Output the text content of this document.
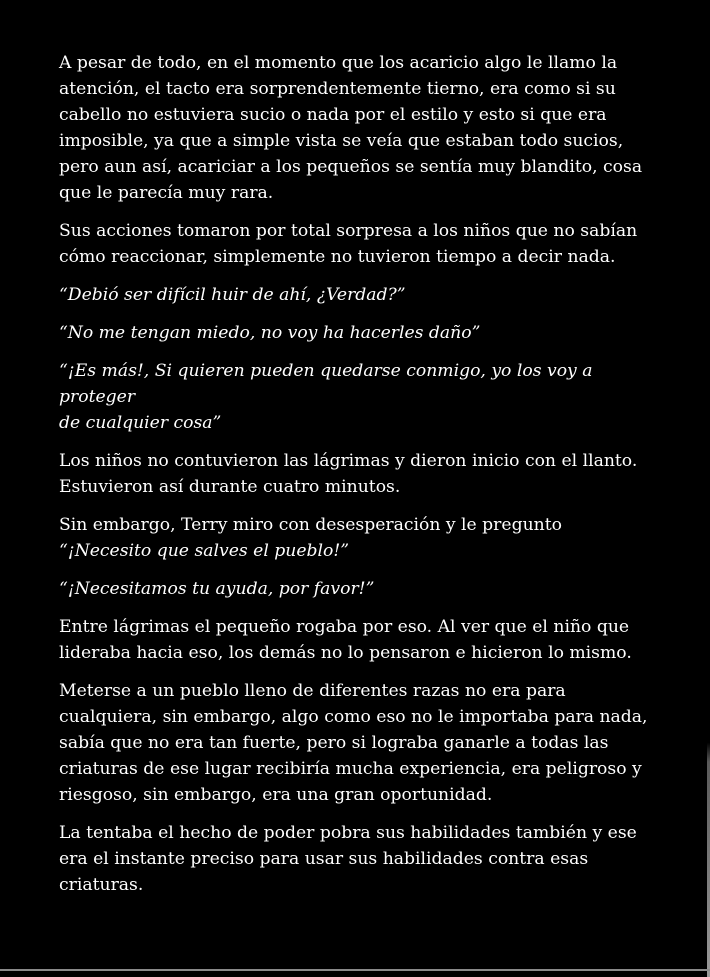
A pesar de todo, en el momento que los acaricio algo le llamo la
atención, el tacto era sorprendentemente tierno, era como si su
cabello no estuviera sucio o nada por el estilo y esto si que era
imposible, ya que a simple vista se veía que estaban todo sucios,
pero aun así, acariciar a los pequeños se sentía muy blandito, cosa
que le parecía muy rara.

Sus acciones tomaron por total sorpresa a los niños que no sabían
cómo reaccionar, simplemente no tuvieron tiempo a decir nada.

“Debió ser difícil huir de ahí, ¿Verdad?”

“No me tengan miedo, no voy ha hacerles daño”

“¡Es más!, Si quieren pueden quedarse conmigo, yo los voy a proteger
de cualquier cosa”

Los niños no contuvieron las lágrimas y dieron inicio con el llanto.
Estuvieron así durante cuatro minutos.

Sin embargo, Terry miro con desesperación y le pregunto
“¡Necesito que salves el pueblo!”

“¡Necesitamos tu ayuda, por favor!”

Entre lágrimas el pequeño rogaba por eso. Al ver que el niño que
lideraba hacia eso, los demás no lo pensaron e hicieron lo mismo.

Meterse a un pueblo lleno de diferentes razas no era para
cualquiera, sin embargo, algo como eso no le importaba para nada,
sabía que no era tan fuerte, pero si lograba ganarle a todas las
criaturas de ese lugar recibiría mucha experiencia, era peligroso y
riesgoso, sin embargo, era una gran oportunidad.

La tentaba el hecho de poder pobra sus habilidades también y ese
era el instante preciso para usar sus habilidades contra esas
criaturas.
